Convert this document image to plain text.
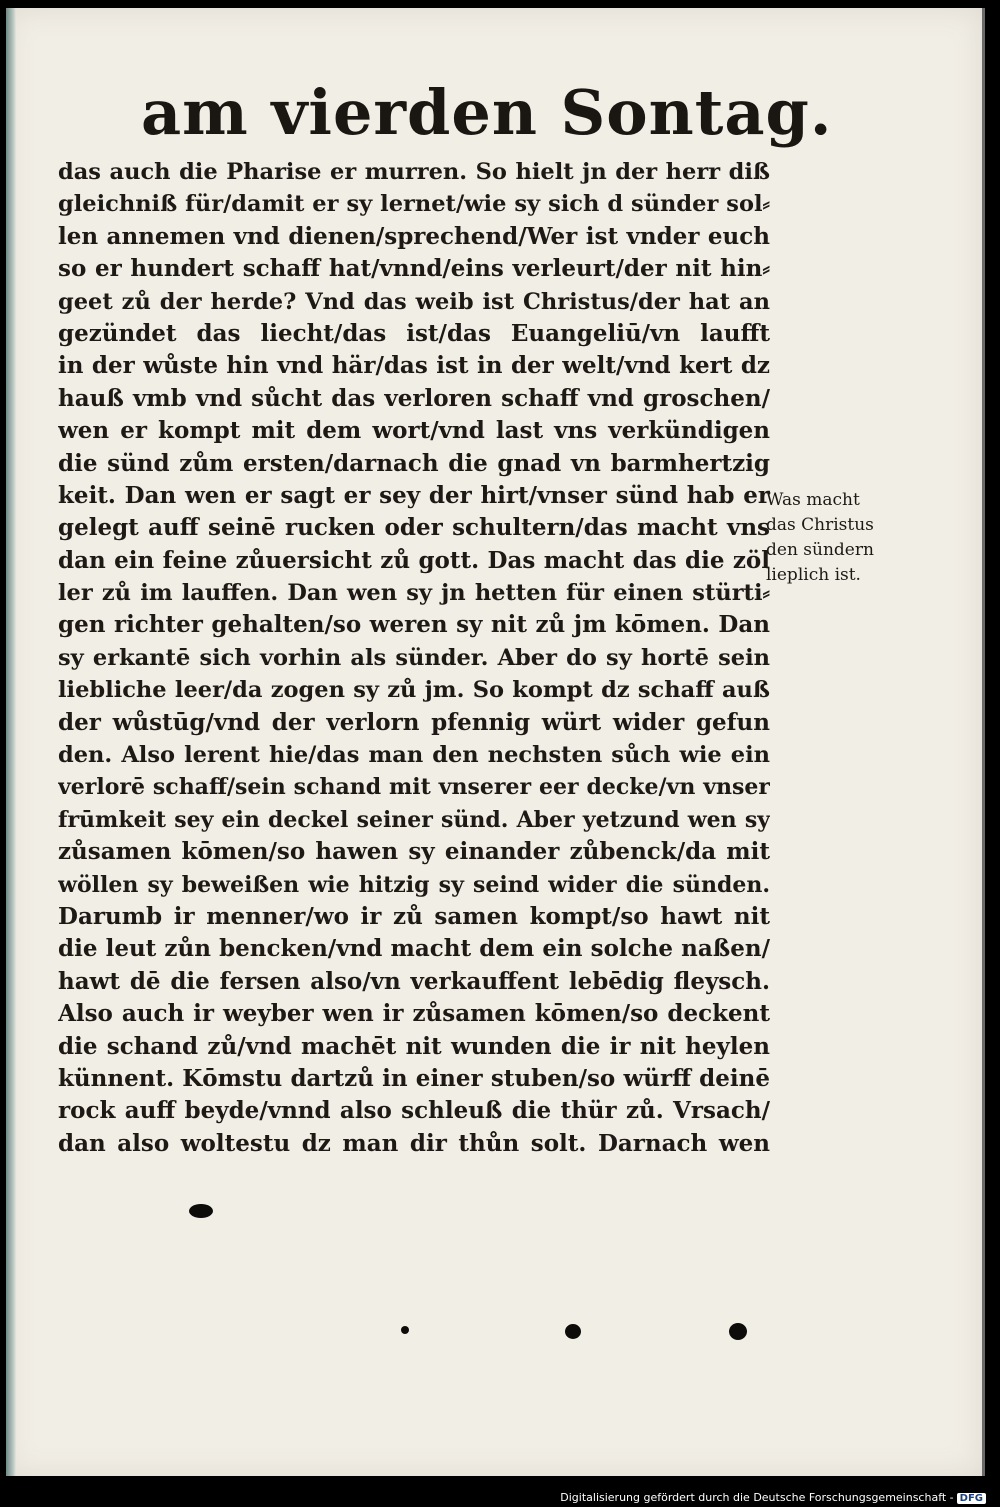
am vierden Sontag.
das auch die Pharise er murren. So hielt jn der herr diß
gleichniß für/damit er sy lernet/wie sy sich d sünder sol⸗
len annemen vnd dienen/sprechend/Wer ist vnder euch
so er hundert schaff hat/vnnd/eins verleurt/der nit hin⸗
geet zů der herde? Vnd das weib ist Christus/der hat an
gezündet das liecht/das ist/das Euangeliū/vn laufft
in der wůste hin vnd här/das ist in der welt/vnd kert dz
hauß vmb vnd sůcht das verloren schaff vnd groschen/
wen er kompt mit dem wort/vnd last vns verkündigen
die sünd zům ersten/darnach die gnad vn barmhertzig
keit. Dan wen er sagt er sey der hirt/vnser sünd hab er
gelegt auff seinē rucken oder schultern/das macht vns
dan ein feine zůuersicht zů gott. Das macht das die zöl
ler zů im lauffen. Dan wen sy jn hetten für einen stürti⸗
gen richter gehalten/so weren sy nit zů jm kōmen. Dan
sy erkantē sich vorhin als sünder. Aber do sy hortē sein
liebliche leer/da zogen sy zů jm. So kompt dz schaff auß
der wůstūg/vnd der verlorn pfennig würt wider gefun
den. Also lerent hie/das man den nechsten sůch wie ein
verlorē schaff/sein schand mit vnserer eer decke/vn vnser
frūmkeit sey ein deckel seiner sünd. Aber yetzund wen sy
zůsamen kōmen/so hawen sy einander zůbenck/da mit
wöllen sy beweißen wie hitzig sy seind wider die sünden.
Darumb ir menner/wo ir zů samen kompt/so hawt nit
die leut zůn bencken/vnd macht dem ein solche naßen/
hawt dē die fersen also/vn verkauffent lebēdig fleysch.
Also auch ir weyber wen ir zůsamen kōmen/so deckent
die schand zů/vnd machēt nit wunden die ir nit heylen
künnent. Kōmstu dartzů in einer stuben/so würff deinē
rock auff beyde/vnnd also schleuß die thür zů. Vrsach/
dan also woltestu dz man dir thůn solt. Darnach wen
Was macht
das Christus
den sündern
lieplich ist.
Digitalisierung gefördert durch die Deutsche Forschungsgemeinschaft - DFG
